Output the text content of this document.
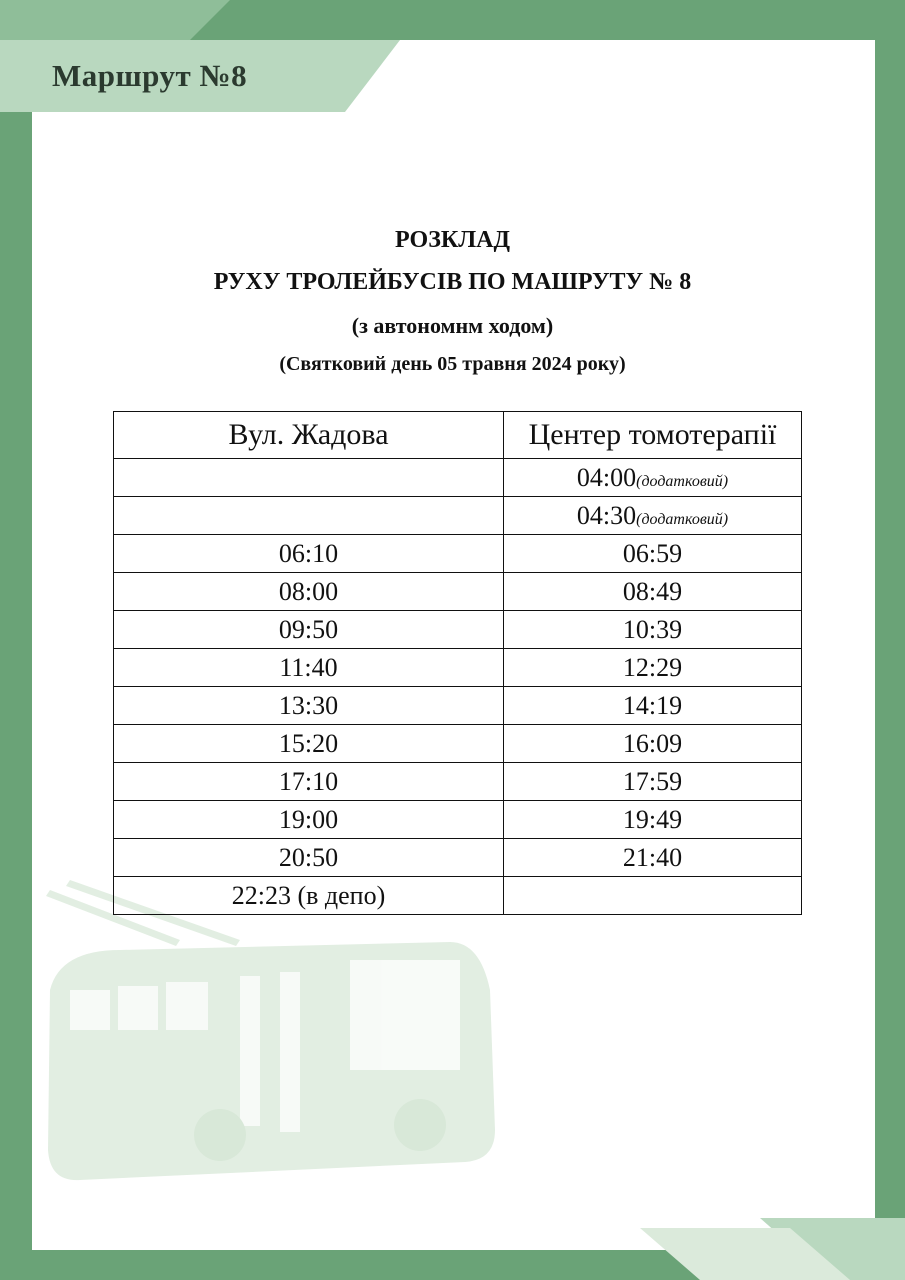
Маршрут №8
РОЗКЛАД
РУХУ ТРОЛЕЙБУСІВ ПО МАШРУТУ № 8
(з автономнм ходом)
(Святковий день 05 травня 2024 року)
Вул. Жадова	Центер томотерапії
	04:00(додатковий)
	04:30(додатковий)
06:10	06:59
08:00	08:49
09:50	10:39
11:40	12:29
13:30	14:19
15:20	16:09
17:10	17:59
19:00	19:49
20:50	21:40
22:23 (в депо)	
